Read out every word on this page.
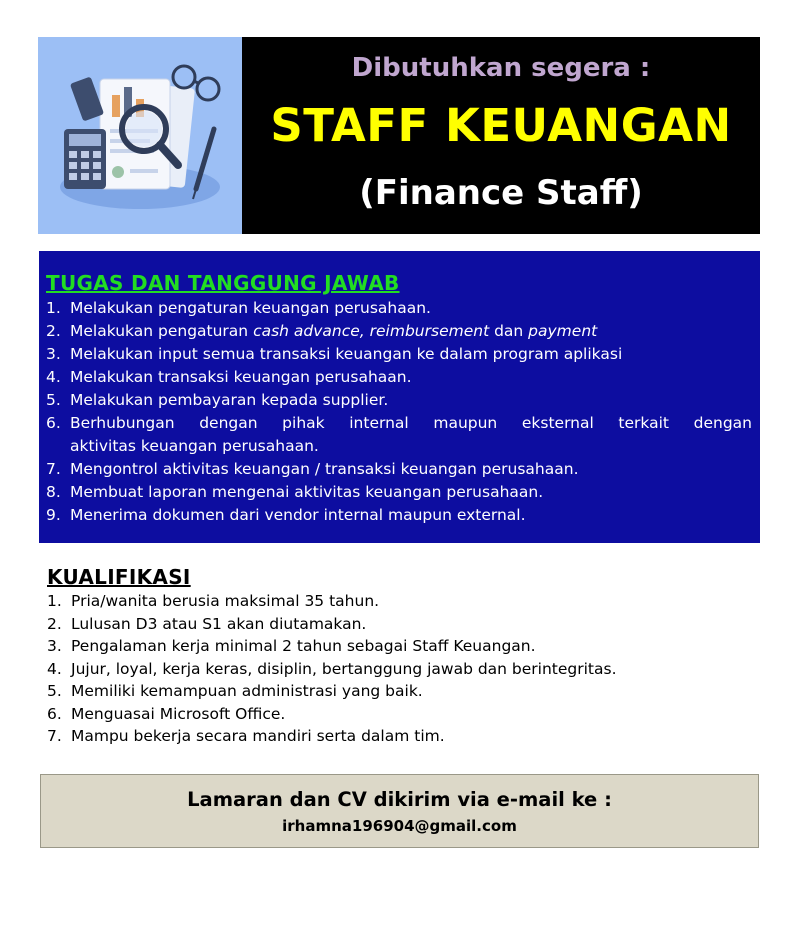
Dibutuhkan segera :
STAFF KEUANGAN
(Finance Staff)
TUGAS DAN TANGGUNG JAWAB
1. Melakukan pengaturan keuangan perusahaan.
2. Melakukan pengaturan cash advance, reimbursement dan payment
3. Melakukan input semua transaksi keuangan ke dalam program aplikasi
4. Melakukan transaksi keuangan perusahaan.
5. Melakukan pembayaran kepada supplier.
6. Berhubungan dengan pihak internal maupun eksternal terkait dengan
aktivitas keuangan perusahaan.
7. Mengontrol aktivitas keuangan / transaksi keuangan perusahaan.
8. Membuat laporan mengenai aktivitas keuangan perusahaan.
9. Menerima dokumen dari vendor internal maupun external.
KUALIFIKASI
1. Pria/wanita berusia maksimal 35 tahun.
2. Lulusan D3 atau S1 akan diutamakan.
3. Pengalaman kerja minimal 2 tahun sebagai Staff Keuangan.
4. Jujur, loyal, kerja keras, disiplin, bertanggung jawab dan berintegritas.
5. Memiliki kemampuan administrasi yang baik.
6. Menguasai Microsoft Office.
7. Mampu bekerja secara mandiri serta dalam tim.
Lamaran dan CV dikirim via e-mail ke :
irhamna196904@gmail.com
